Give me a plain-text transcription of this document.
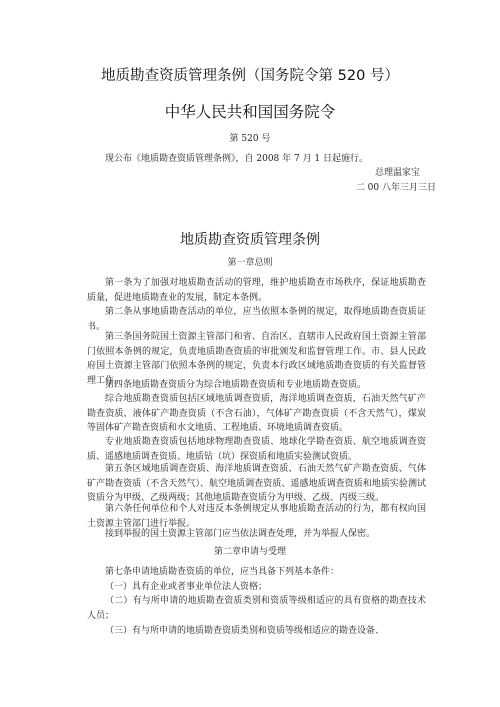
地质勘查资质管理条例（国务院令第 520 号）
中华人民共和国国务院令
第 520 号
现公布《地质勘查资质管理条例》，自 2008 年 7 月 1 日起施行。
总理温家宝
二 00 八年三月三日
地质勘查资质管理条例
第一章总则
第一条为了加强对地质勘查活动的管理，维护地质勘查市场秩序，保证地质勘查质量，促进地质勘查业的发展，制定本条例。
第二条从事地质勘查活动的单位，应当依照本条例的规定，取得地质勘查资质证书。
第三条国务院国土资源主管部门和省、自治区、直辖市人民政府国土资源主管部门依照本条例的规定，负责地质勘查资质的审批颁发和监督管理工作。市、县人民政府国土资源主管部门依照本条例的规定，负责本行政区域地质勘查资质的有关监督管理工作。
第四条地质勘查资质分为综合地质勘查资质和专业地质勘查资质。
综合地质勘查资质包括区域地质调查资质，海洋地质调查资质，石油天然气矿产勘查资质，液体矿产勘查资质（不含石油），气体矿产勘查资质（不含天然气），煤炭等固体矿产勘查资质和水文地质、工程地质、环境地质调查资质。
专业地质勘查资质包括地球物理勘查资质、地球化学勘查资质、航空地质调查资质、遥感地质调查资质、地质钻（坑）探资质和地质实验测试资质。
第五条区域地质调查资质、海洋地质调查资质、石油天然气矿产勘查资质、气体矿产勘查资质（不含天然气）、航空地质调查资质、遥感地质调查资质和地质实验测试资质分为甲级、乙级两级；其他地质勘查资质分为甲级、乙级、丙级三级。
第六条任何单位和个人对违反本条例规定从事地质勘查活动的行为，都有权向国土资源主管部门进行举报。
接到举报的国土资源主管部门应当依法调查处理，并为举报人保密。
第二章申请与受理
第七条申请地质勘查资质的单位，应当具备下列基本条件：
（一）具有企业或者事业单位法人资格；
（二）有与所申请的地质勘查资质类别和资质等级相适应的具有资格的勘查技术人员；
（三）有与所申请的地质勘查资质类别和资质等级相适应的勘查设备、
